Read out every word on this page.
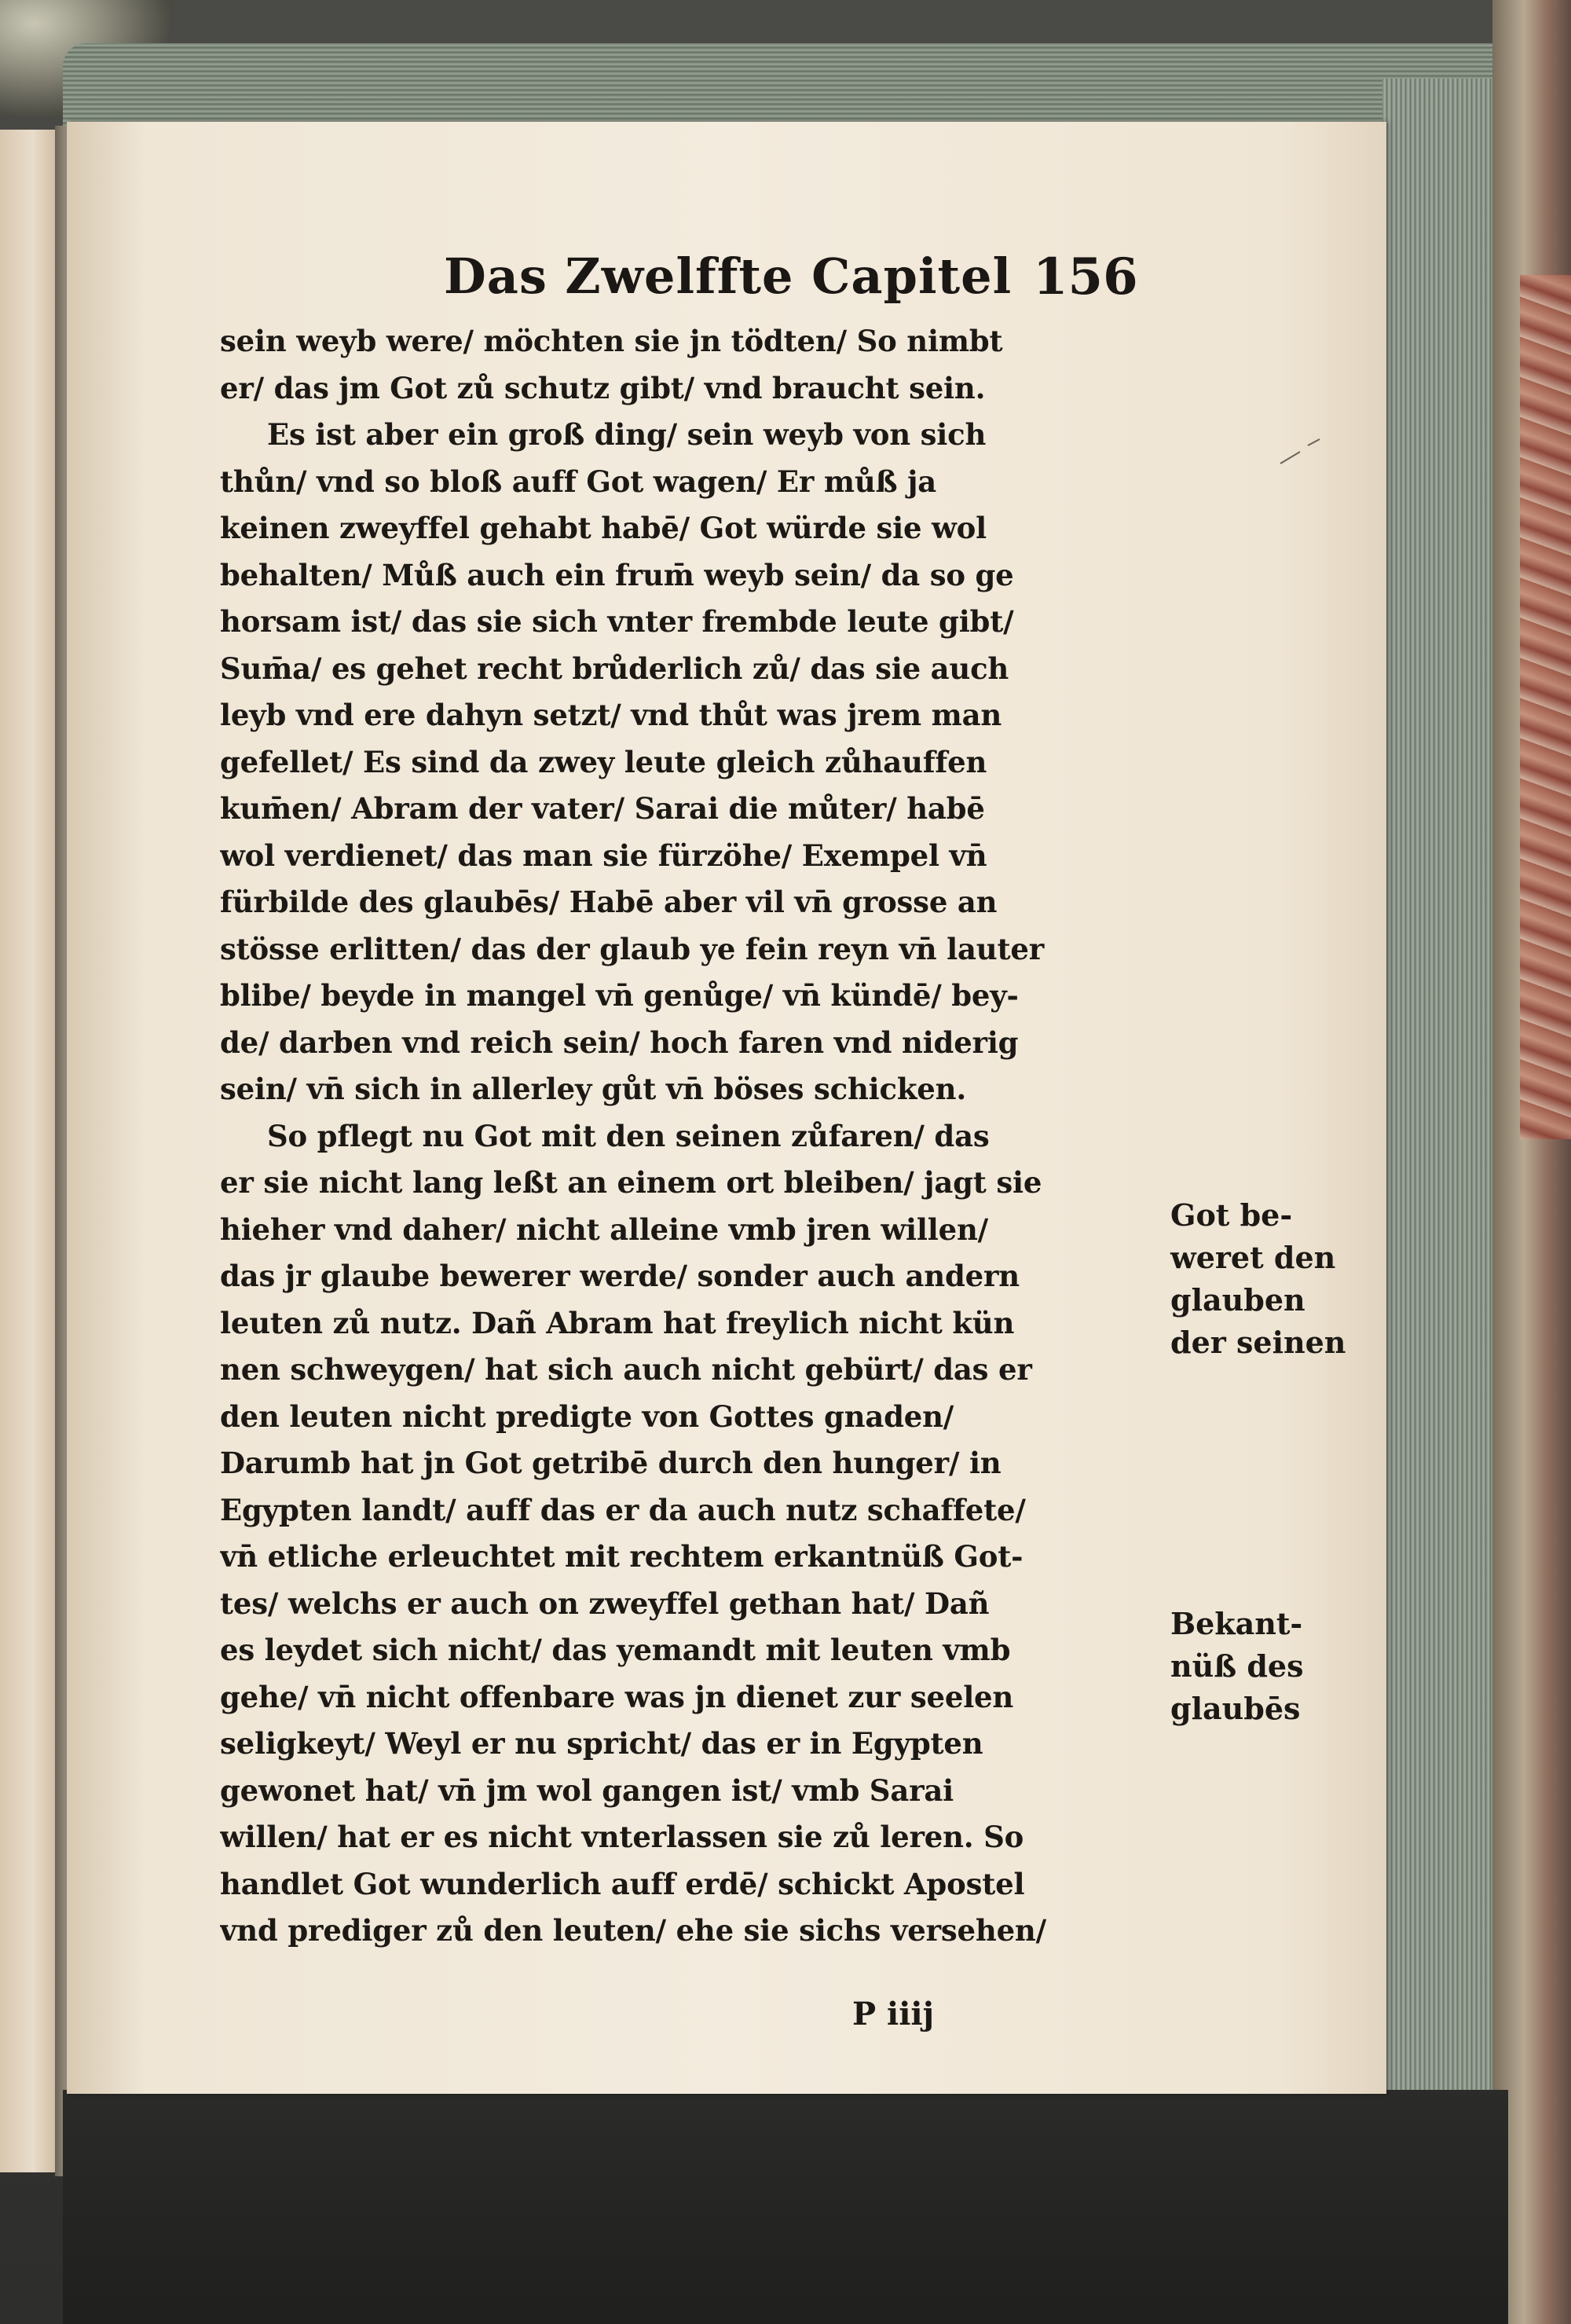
Das Zwelffte Capitel 156
sein weyb were/ möchten sie jn tödten/ So nimbt
er/ das jm Got zů schutz gibt/ vnd braucht sein.
Es ist aber ein groß ding/ sein weyb von sich
thůn/ vnd so bloß auff Got wagen/ Er můß ja
keinen zweyffel gehabt habē/ Got würde sie wol
behalten/ Můß auch ein frum̄ weyb sein/ da so ge
horsam ist/ das sie sich vnter frembde leute gibt/
Sum̄a/ es gehet recht brůderlich zů/ das sie auch
leyb vnd ere dahyn setzt/ vnd thůt was jrem man
gefellet/ Es sind da zwey leute gleich zůhauffen
kum̄en/ Abram der vater/ Sarai die můter/ habē
wol verdienet/ das man sie fürzöhe/ Exempel vn̄
fürbilde des glaubēs/ Habē aber vil vn̄ grosse an
stösse erlitten/ das der glaub ye fein reyn vn̄ lauter
blibe/ beyde in mangel vn̄ genůge/ vn̄ kündē/ bey-
de/ darben vnd reich sein/ hoch faren vnd niderig
sein/ vn̄ sich in allerley gůt vn̄ böses schicken.
So pflegt nu Got mit den seinen zůfaren/ das
er sie nicht lang leßt an einem ort bleiben/ jagt sie
hieher vnd daher/ nicht alleine vmb jren willen/
das jr glaube bewerer werde/ sonder auch andern
leuten zů nutz. Dañ Abram hat freylich nicht kün
nen schweygen/ hat sich auch nicht gebürt/ das er
den leuten nicht predigte von Gottes gnaden/
Darumb hat jn Got getribē durch den hunger/ in
Egypten landt/ auff das er da auch nutz schaffete/
vn̄ etliche erleuchtet mit rechtem erkantnüß Got-
tes/ welchs er auch on zweyffel gethan hat/ Dañ
es leydet sich nicht/ das yemandt mit leuten vmb
gehe/ vn̄ nicht offenbare was jn dienet zur seelen
seligkeyt/ Weyl er nu spricht/ das er in Egypten
gewonet hat/ vn̄ jm wol gangen ist/ vmb Sarai
willen/ hat er es nicht vnterlassen sie zů leren. So
handlet Got wunderlich auff erdē/ schickt Apostel
vnd prediger zů den leuten/ ehe sie sichs versehen/
Got be-
weret den
glauben
der seinen
Bekant-
nüß des
glaubēs
P iiij
